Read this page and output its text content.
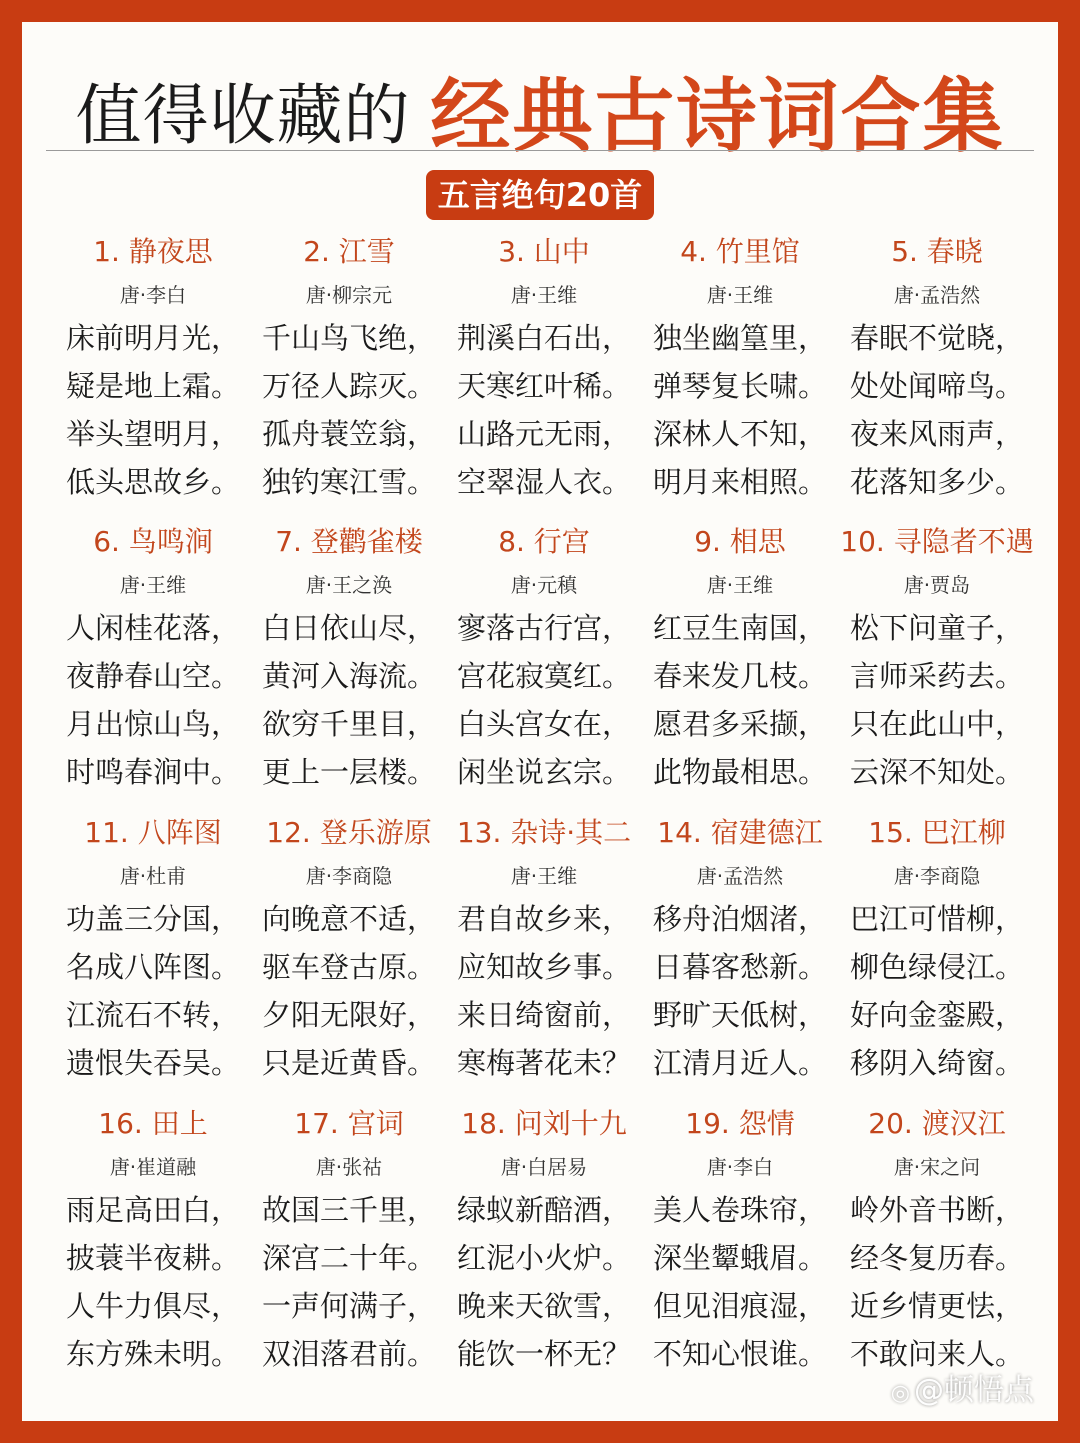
值得收藏的 经典古诗词合集
五言绝句20首
1. 静夜思
唐·李白
床前明月光，
疑是地上霜。
举头望明月，
低头思故乡。
2. 江雪
唐·柳宗元
千山鸟飞绝，
万径人踪灭。
孤舟蓑笠翁，
独钓寒江雪。
3. 山中
唐·王维
荆溪白石出，
天寒红叶稀。
山路元无雨，
空翠湿人衣。
4. 竹里馆
唐·王维
独坐幽篁里，
弹琴复长啸。
深林人不知，
明月来相照。
5. 春晓
唐·孟浩然
春眠不觉晓，
处处闻啼鸟。
夜来风雨声，
花落知多少。
6. 鸟鸣涧
唐·王维
人闲桂花落，
夜静春山空。
月出惊山鸟，
时鸣春涧中。
7. 登鹳雀楼
唐·王之涣
白日依山尽，
黄河入海流。
欲穷千里目，
更上一层楼。
8. 行宫
唐·元稹
寥落古行宫，
宫花寂寞红。
白头宫女在，
闲坐说玄宗。
9. 相思
唐·王维
红豆生南国，
春来发几枝。
愿君多采撷，
此物最相思。
10. 寻隐者不遇
唐·贾岛
松下问童子，
言师采药去。
只在此山中，
云深不知处。
11. 八阵图
唐·杜甫
功盖三分国，
名成八阵图。
江流石不转，
遗恨失吞吴。
12. 登乐游原
唐·李商隐
向晚意不适，
驱车登古原。
夕阳无限好，
只是近黄昏。
13. 杂诗·其二
唐·王维
君自故乡来，
应知故乡事。
来日绮窗前，
寒梅著花未？
14. 宿建德江
唐·孟浩然
移舟泊烟渚，
日暮客愁新。
野旷天低树，
江清月近人。
15. 巴江柳
唐·李商隐
巴江可惜柳，
柳色绿侵江。
好向金銮殿，
移阴入绮窗。
16. 田上
唐·崔道融
雨足高田白，
披蓑半夜耕。
人牛力俱尽，
东方殊未明。
17. 宫词
唐·张祜
故国三千里，
深宫二十年。
一声何满子，
双泪落君前。
18. 问刘十九
唐·白居易
绿蚁新醅酒，
红泥小火炉。
晚来天欲雪，
能饮一杯无？
19. 怨情
唐·李白
美人卷珠帘，
深坐颦蛾眉。
但见泪痕湿，
不知心恨谁。
20. 渡汉江
唐·宋之问
岭外音书断，
经冬复历春。
近乡情更怯，
不敢问来人。
◎ @顿悟点
